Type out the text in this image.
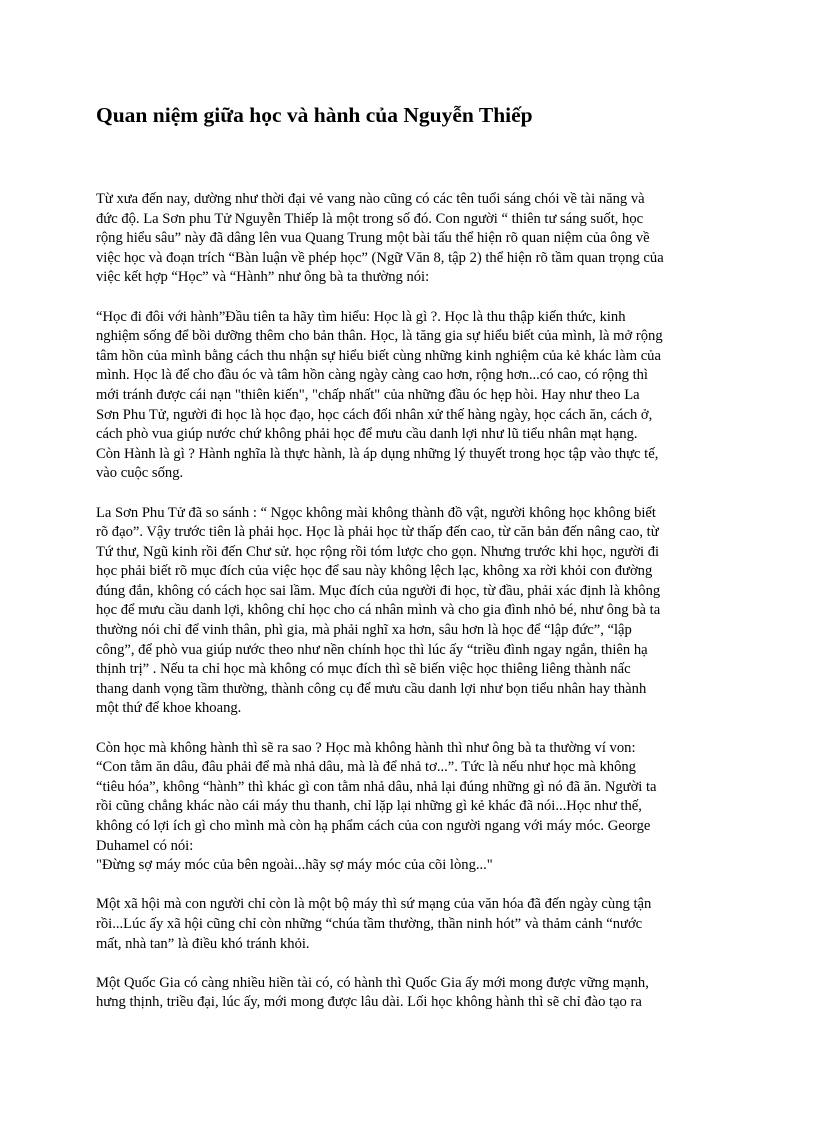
Quan niệm giữa học và hành của Nguyễn Thiếp

Từ xưa đến nay, dường như thời đại vẻ vang nào cũng có các tên tuổi sáng chói về tài năng và
đức độ. La Sơn phu Tử Nguyễn Thiếp là một trong số đó. Con người “ thiên tư sáng suốt, học
rộng hiểu sâu” này đã dâng lên vua Quang Trung một bài tấu thể hiện rõ quan niệm của ông về
việc học và đoạn trích “Bàn luận về phép học” (Ngữ Văn 8, tập 2) thể hiện rõ tầm quan trọng của
việc kết hợp “Học” và “Hành” như ông bà ta thường nói:

“Học đi đôi với hành”Đầu tiên ta hãy tìm hiểu: Học là gì ?. Học là thu thập kiến thức, kinh
nghiệm sống để bồi dưỡng thêm cho bản thân. Học, là tăng gia sự hiểu biết của mình, là mở rộng
tâm hồn của mình bằng cách thu nhận sự hiểu biết cùng những kinh nghiệm của kẻ khác làm của
mình. Học là để cho đầu óc và tâm hồn càng ngày càng cao hơn, rộng hơn...có cao, có rộng thì
mới tránh được cái nạn "thiên kiến", "chấp nhất" của những đầu óc hẹp hòi. Hay như theo La
Sơn Phu Tử, người đi học là học đạo, học cách đối nhân xử thế hàng ngày, học cách ăn, cách ở,
cách phò vua giúp nước chứ không phải học để mưu cầu danh lợi như lũ tiểu nhân mạt hạng.
Còn Hành là gì ? Hành nghĩa là thực hành, là áp dụng những lý thuyết trong học tập vào thực tế,
vào cuộc sống.

La Sơn Phu Tử đã so sánh : “ Ngọc không mài không thành đồ vật, người không học không biết
rõ đạo”. Vậy trước tiên là phải học. Học là phải học từ thấp đến cao, từ căn bản đến nâng cao, từ
Tứ thư, Ngũ kinh rồi đến Chư sử. học rộng rồi tóm lược cho gọn. Nhưng trước khi học, người đi
học phải biết rõ mục đích của việc học để sau này không lệch lạc, không xa rời khỏi con đường
đúng đắn, không có cách học sai lầm. Mục đích của người đi học, từ đầu, phải xác định là không
học để mưu cầu danh lợi, không chỉ học cho cá nhân mình và cho gia đình nhỏ bé, như ông bà ta
thường nói chỉ để vinh thân, phì gia, mà phải nghĩ xa hơn, sâu hơn là học để “lập đức”, “lập
công”, để phò vua giúp nước theo như nền chính học thì lúc ấy “triều đình ngay ngắn, thiên hạ
thịnh trị” . Nếu ta chỉ học mà không có mục đích thì sẽ biến việc học thiêng liêng thành nấc
thang danh vọng tầm thường, thành công cụ để mưu cầu danh lợi như bọn tiểu nhân hay thành
một thứ để khoe khoang.

Còn học mà không hành thì sẽ ra sao ? Học mà không hành thì như ông bà ta thường ví von:
“Con tằm ăn dâu, đâu phải để mà nhả dâu, mà là để nhả tơ...”. Tức là nếu như học mà không
“tiêu hóa”, không “hành” thì khác gì con tằm nhả dâu, nhả lại đúng những gì nó đã ăn. Người ta
rồi cũng chẳng khác nào cái máy thu thanh, chỉ lặp lại những gì kẻ khác đã nói...Học như thế,
không có lợi ích gì cho mình mà còn hạ phẩm cách của con người ngang với máy móc. George
Duhamel có nói:
"Đừng sợ máy móc của bên ngoài...hãy sợ máy móc của cõi lòng..."

Một xã hội mà con người chỉ còn là một bộ máy thì sứ mạng của văn hóa đã đến ngày cùng tận
rồi...Lúc ấy xã hội cũng chỉ còn những “chúa tầm thường, thần ninh hót” và thảm cảnh “nước
mất, nhà tan” là điều khó tránh khỏi.

Một Quốc Gia có càng nhiều hiền tài có, có hành thì Quốc Gia ấy mới mong được vững mạnh,
hưng thịnh, triều đại, lúc ấy, mới mong được lâu dài. Lối học không hành thì sẽ chỉ đào tạo ra
